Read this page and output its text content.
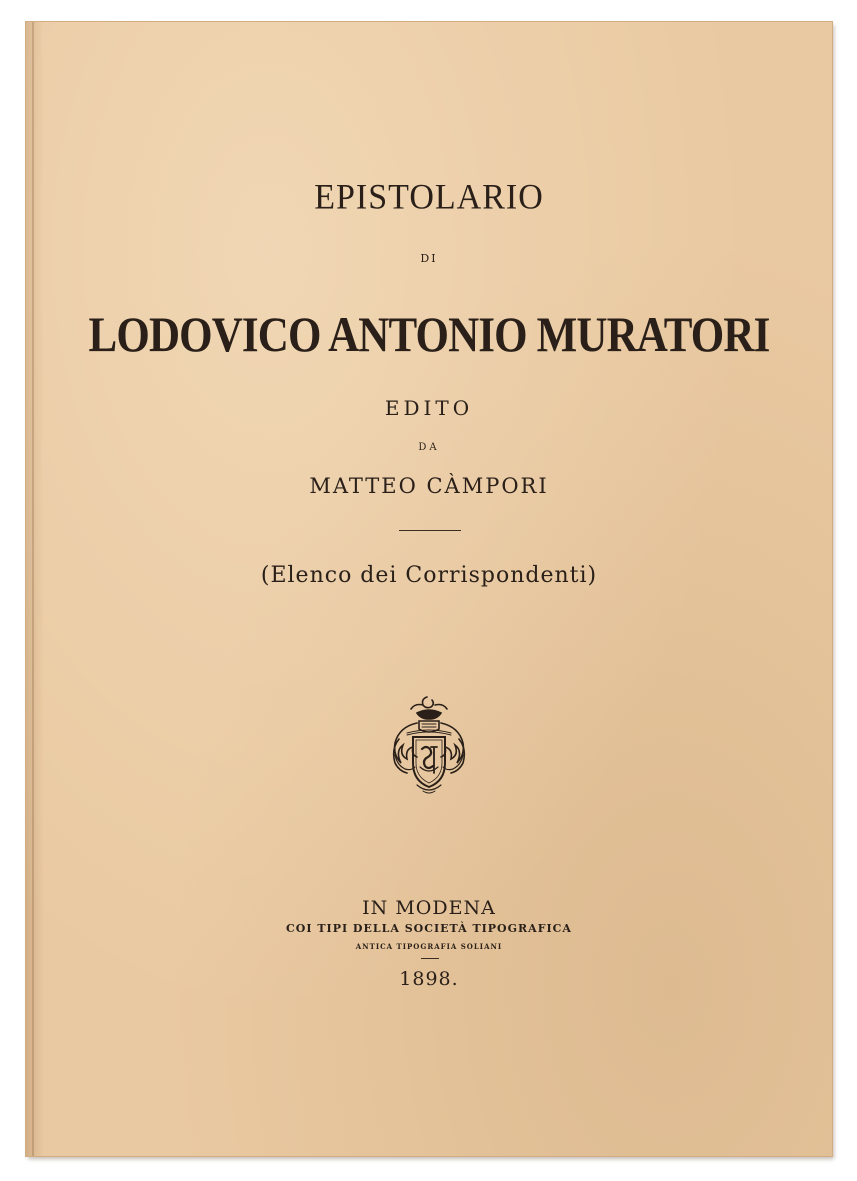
EPISTOLARIO
DI
LODOVICO ANTONIO MURATORI
EDITO
DA
MATTEO CÀMPORI
(Elenco dei Corrispondenti)
IN MODENA
COI TIPI DELLA SOCIETÀ TIPOGRAFICA
ANTICA TIPOGRAFIA SOLIANI
1898.
